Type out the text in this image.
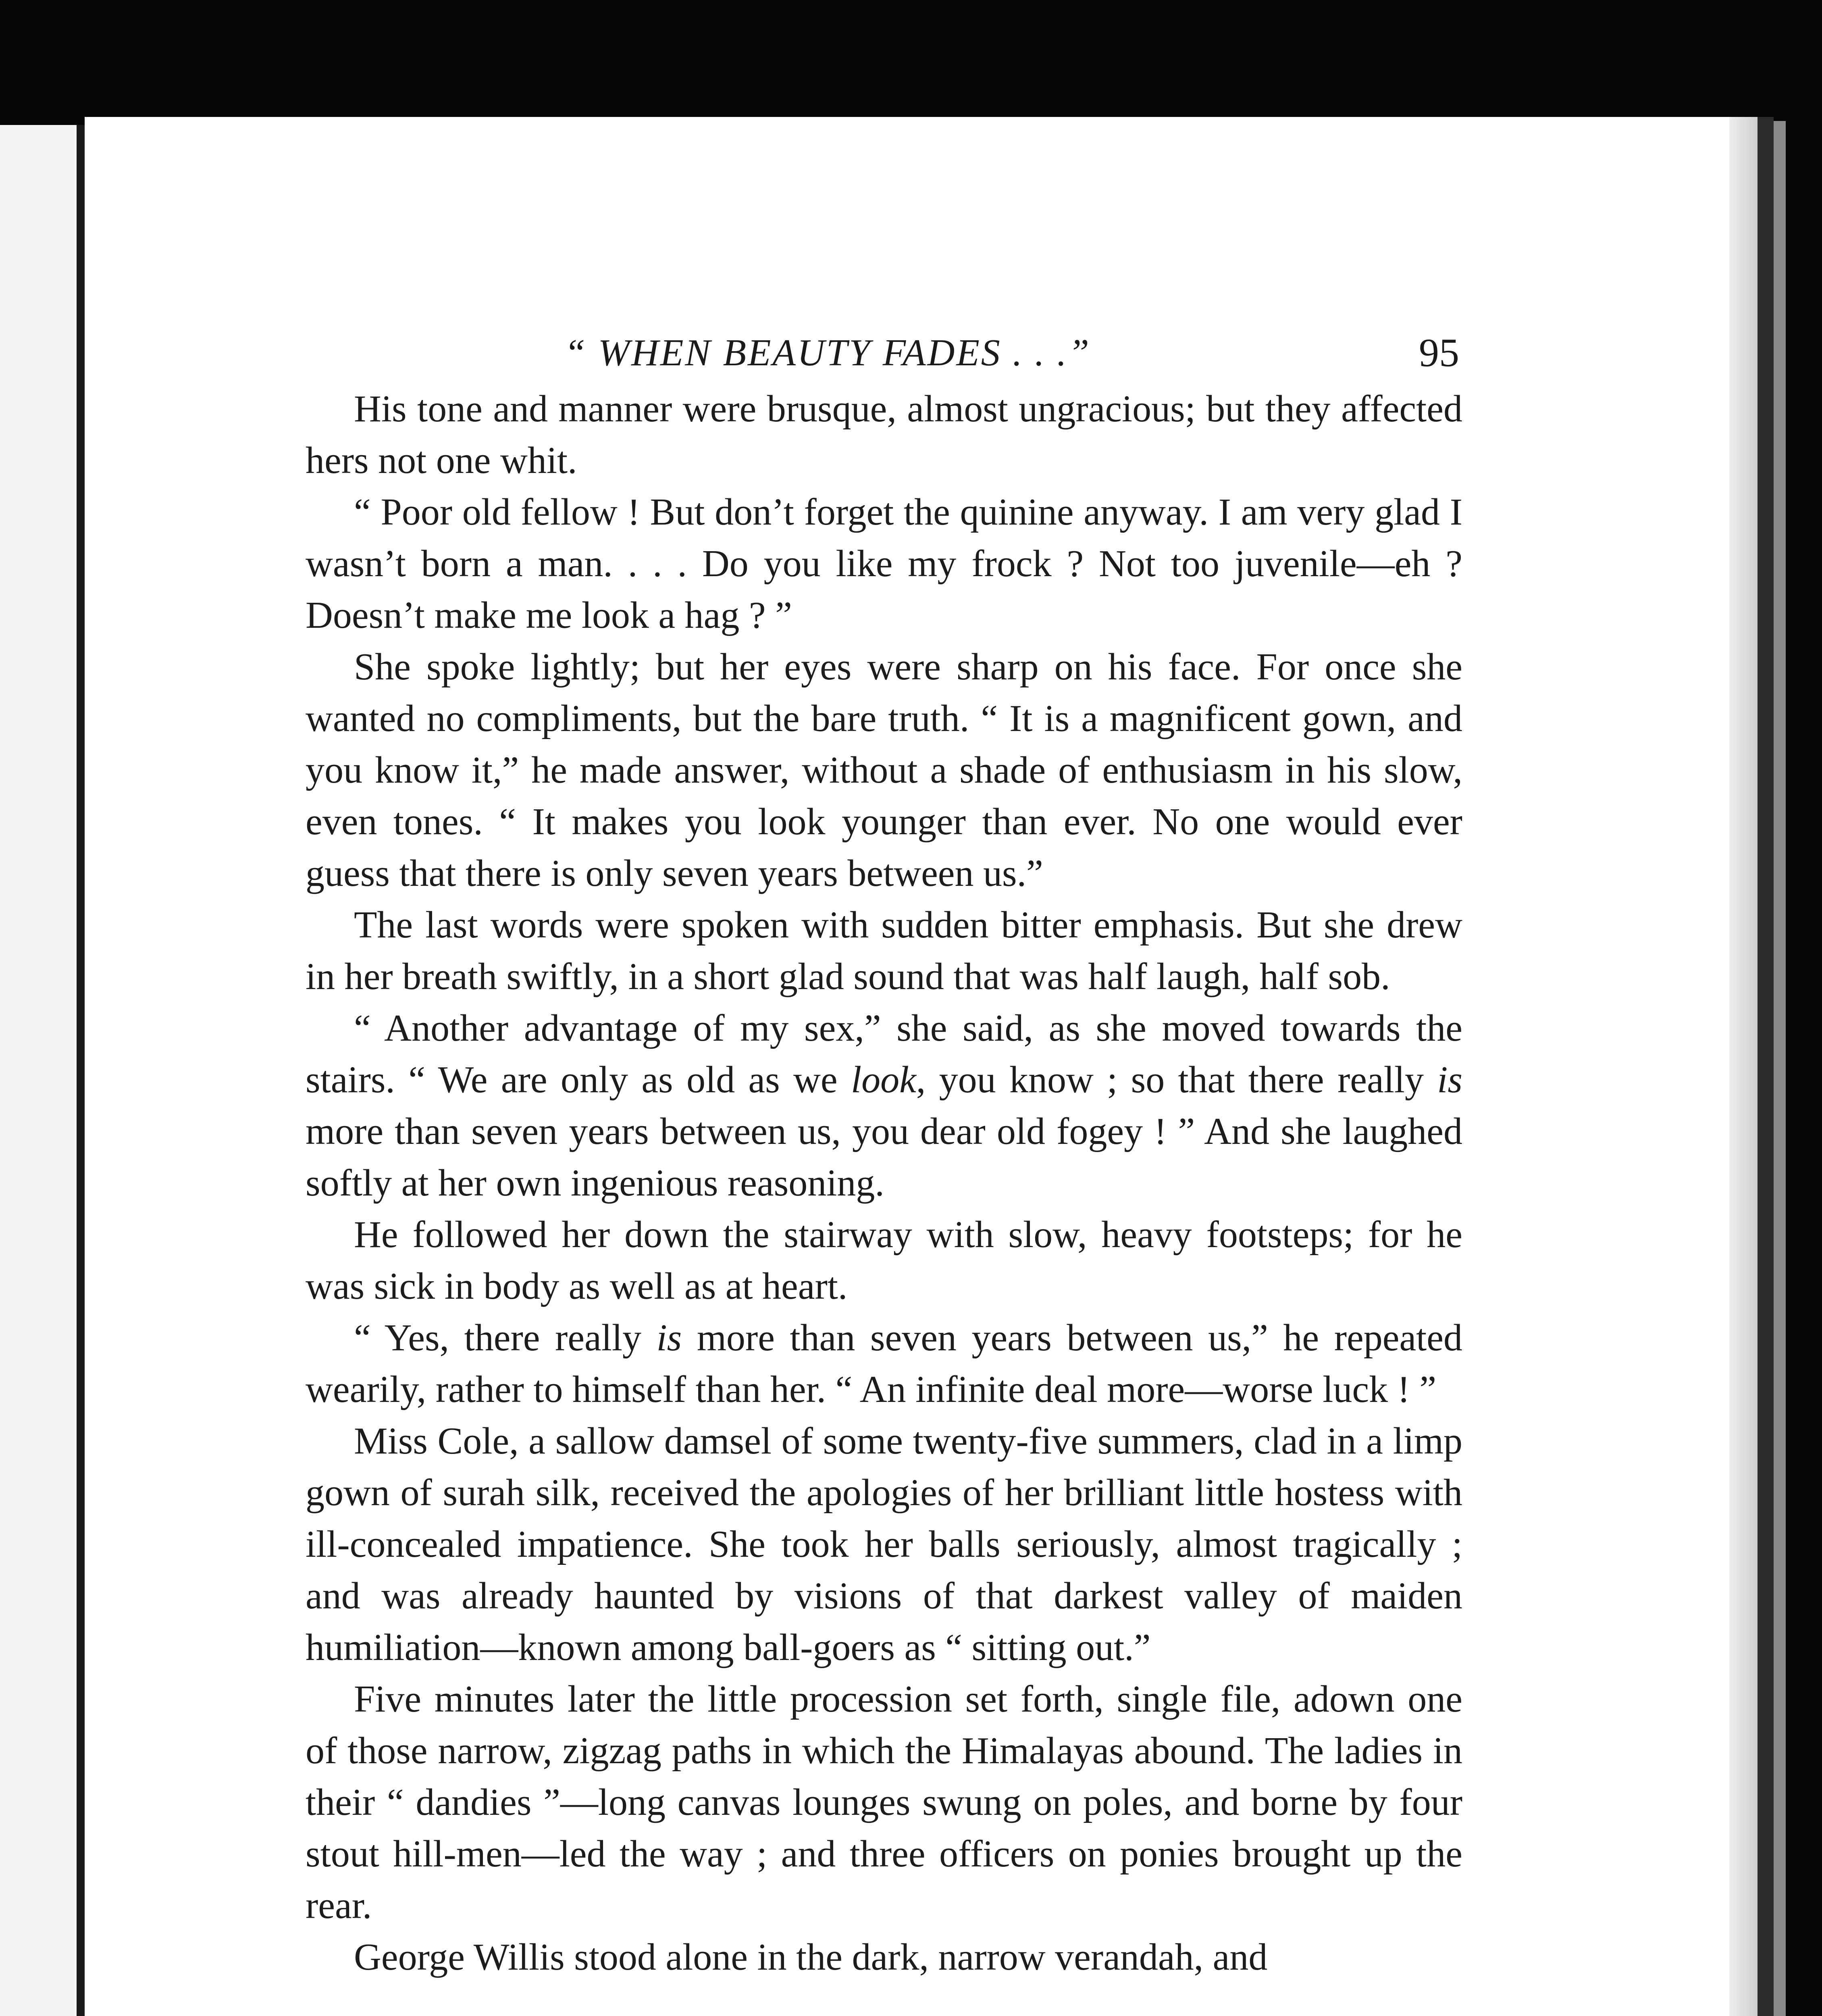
“ WHEN BEAUTY FADES . . .”	95

His tone and manner were brusque, almost ungracious; but they affected hers not one whit.

“ Poor old fellow ! But don’t forget the quinine anyway. I am very glad I wasn’t born a man. . . . Do you like my frock ? Not too juvenile—eh ? Doesn’t make me look a hag ? ”

She spoke lightly; but her eyes were sharp on his face. For once she wanted no compliments, but the bare truth. “ It is a magnificent gown, and you know it,” he made answer, without a shade of enthusiasm in his slow, even tones. “ It makes you look younger than ever. No one would ever guess that there is only seven years between us.”

The last words were spoken with sudden bitter emphasis. But she drew in her breath swiftly, in a short glad sound that was half laugh, half sob.

“ Another advantage of my sex,” she said, as she moved towards the stairs. “ We are only as old as we look, you know ; so that there really is more than seven years between us, you dear old fogey ! ” And she laughed softly at her own ingenious reasoning.

He followed her down the stairway with slow, heavy footsteps; for he was sick in body as well as at heart.

“ Yes, there really is more than seven years between us,” he repeated wearily, rather to himself than her. “ An infinite deal more—worse luck ! ”

Miss Cole, a sallow damsel of some twenty-five summers, clad in a limp gown of surah silk, received the apologies of her brilliant little hostess with ill-concealed impatience. She took her balls seriously, almost tragically ; and was already haunted by visions of that darkest valley of maiden humiliation—known among ball-goers as “ sitting out.”

Five minutes later the little procession set forth, single file, adown one of those narrow, zigzag paths in which the Himalayas abound. The ladies in their “ dandies ”—long canvas lounges swung on poles, and borne by four stout hill-men—led the way ; and three officers on ponies brought up the rear.

George Willis stood alone in the dark, narrow verandah, and
